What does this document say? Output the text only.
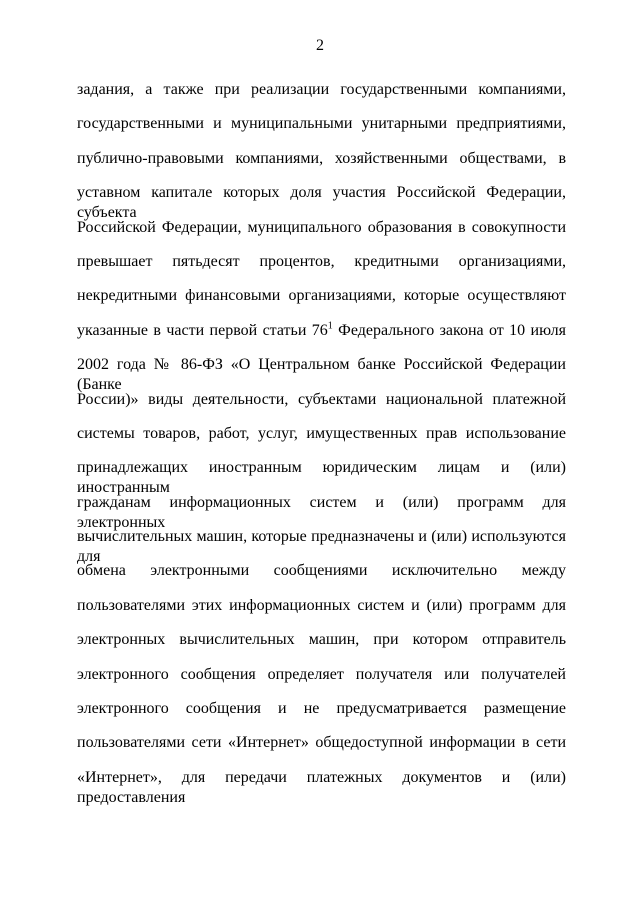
2
задания, а также при реализации государственными компаниями,
государственными и муниципальными унитарными предприятиями,
публично-правовыми компаниями, хозяйственными обществами, в
уставном капитале которых доля участия Российской Федерации, субъекта
Российской Федерации, муниципального образования в совокупности
превышает пятьдесят процентов, кредитными организациями,
некредитными финансовыми организациями, которые осуществляют
указанные в части первой статьи $76^1$ Федерального закона от 10 июля
2002 года № 86-ФЗ «О Центральном банке Российской Федерации (Банке
России)» виды деятельности, субъектами национальной платежной
системы товаров, работ, услуг, имущественных прав использование
принадлежащих иностранным юридическим лицам и (или) иностранным
гражданам информационных систем и (или) программ для электронных
вычислительных машин, которые предназначены и (или) используются для
обмена электронными сообщениями исключительно между
пользователями этих информационных систем и (или) программ для
электронных вычислительных машин, при котором отправитель
электронного сообщения определяет получателя или получателей
электронного сообщения и не предусматривается размещение
пользователями сети «Интернет» общедоступной информации в сети
«Интернет», для передачи платежных документов и (или) предоставления
